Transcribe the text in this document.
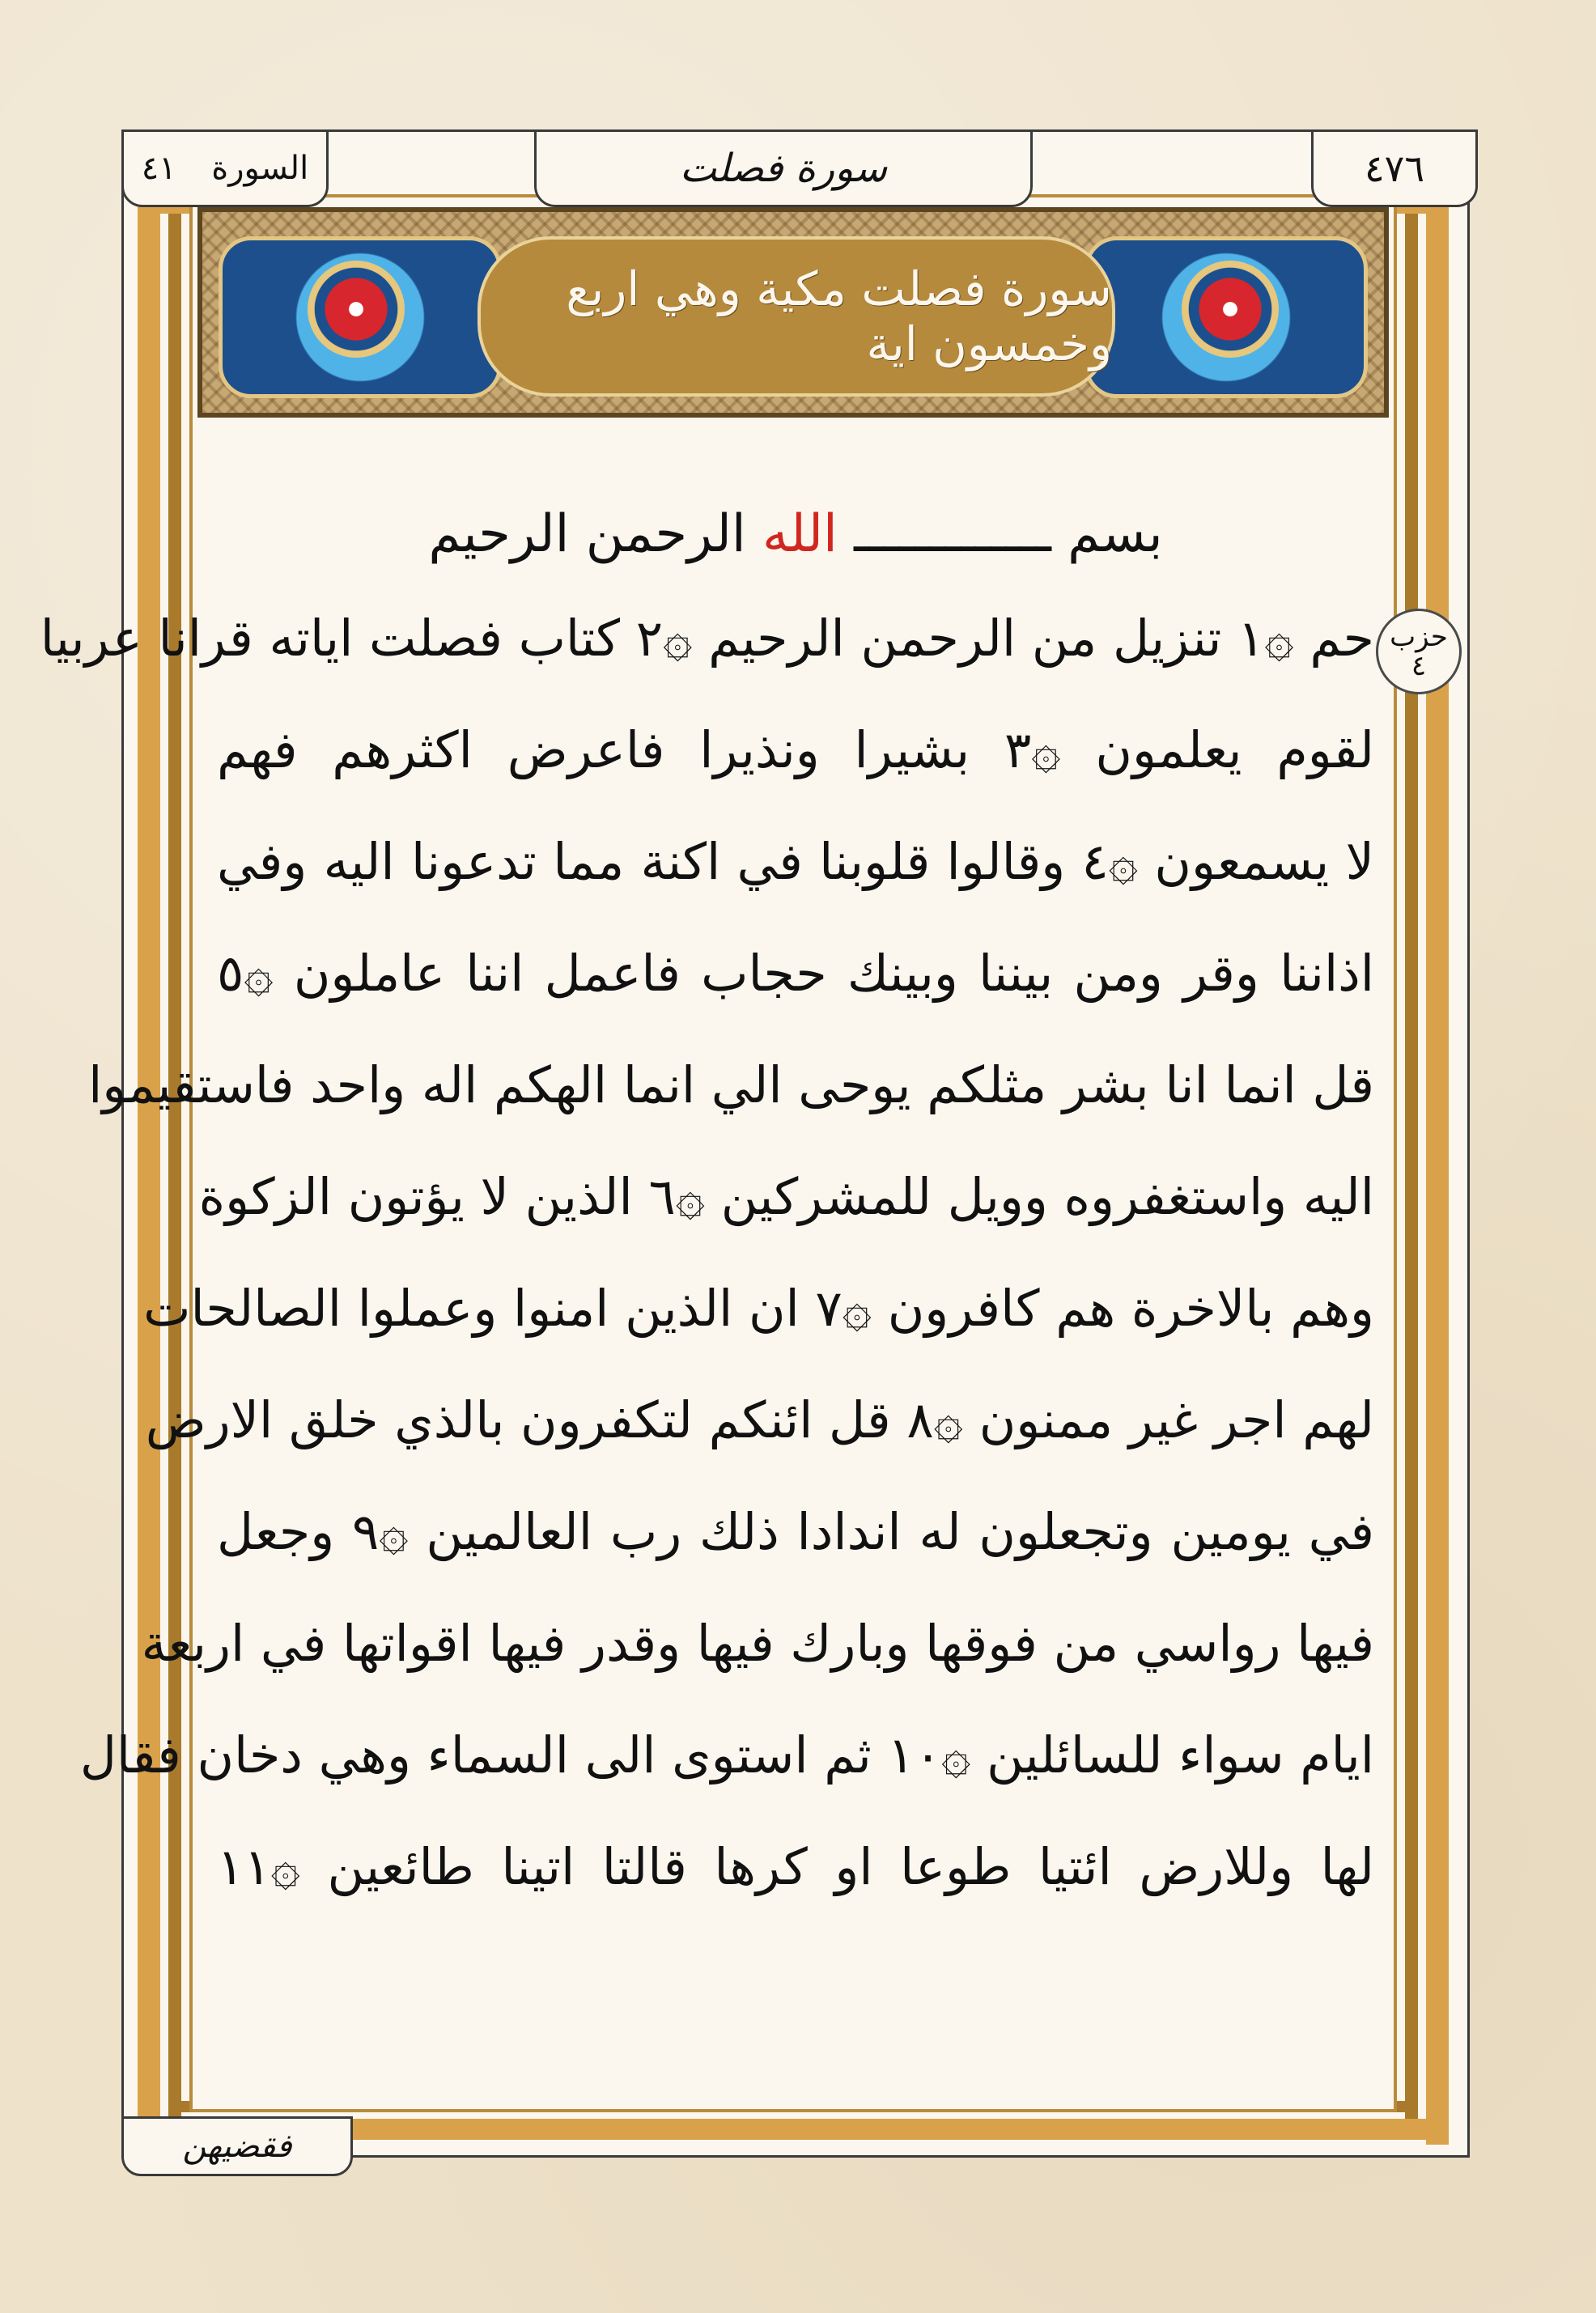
٤١ السورة	سورة فصلت	٤٧٦
سورة فصلت مكية وهي اربع وخمسون اية
حزب ٤
بسم ـــــــــــــ الله الرحمن الرحيم
حم ۞١ تنزيل من الرحمن الرحيم ۞٢ كتاب فصلت اياته قرانا عربيا
لقوم يعلمون ۞٣ بشيرا ونذيرا فاعرض اكثرهم فهم
لا يسمعون ۞٤ وقالوا قلوبنا في اكنة مما تدعونا اليه وفي
اذاننا وقر ومن بيننا وبينك حجاب فاعمل اننا عاملون ۞٥
قل انما انا بشر مثلكم يوحى الي انما الهكم اله واحد فاستقيموا
اليه واستغفروه وويل للمشركين ۞٦ الذين لا يؤتون الزكوة
وهم بالاخرة هم كافرون ۞٧ ان الذين امنوا وعملوا الصالحات
لهم اجر غير ممنون ۞٨ قل ائنكم لتكفرون بالذي خلق الارض
في يومين وتجعلون له اندادا ذلك رب العالمين ۞٩ وجعل
فيها رواسي من فوقها وبارك فيها وقدر فيها اقواتها في اربعة
ايام سواء للسائلين ۞١٠ ثم استوى الى السماء وهي دخان فقال
لها وللارض ائتيا طوعا او كرها قالتا اتينا طائعين ۞١١
فقضيهن
